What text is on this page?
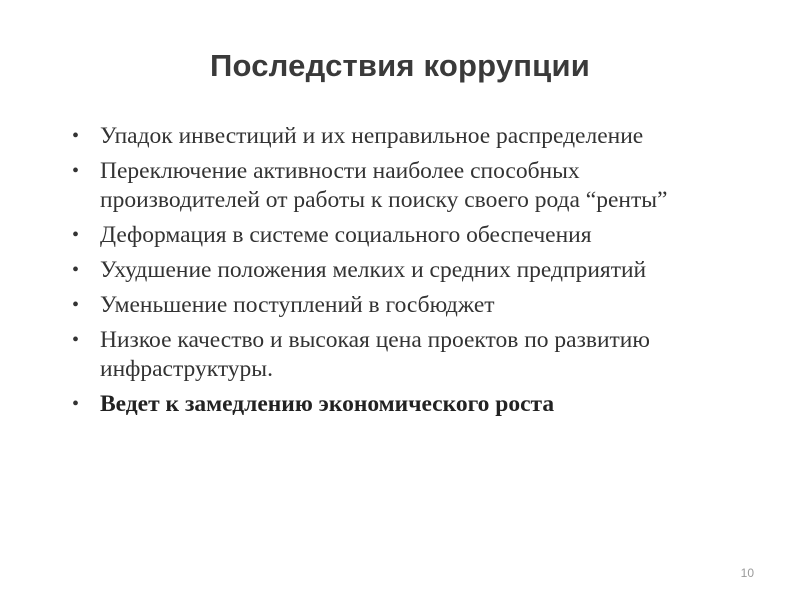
Последствия коррупции
• Упадок инвестиций и их неправильное распределение
• Переключение активности наиболее способных производителей от работы к поиску своего рода “ренты”
• Деформация в системе социального обеспечения
• Ухудшение положения мелких и средних предприятий
• Уменьшение поступлений в госбюджет
• Низкое качество и высокая цена проектов по развитию инфраструктуры.
• Ведет к замедлению экономического роста
10
